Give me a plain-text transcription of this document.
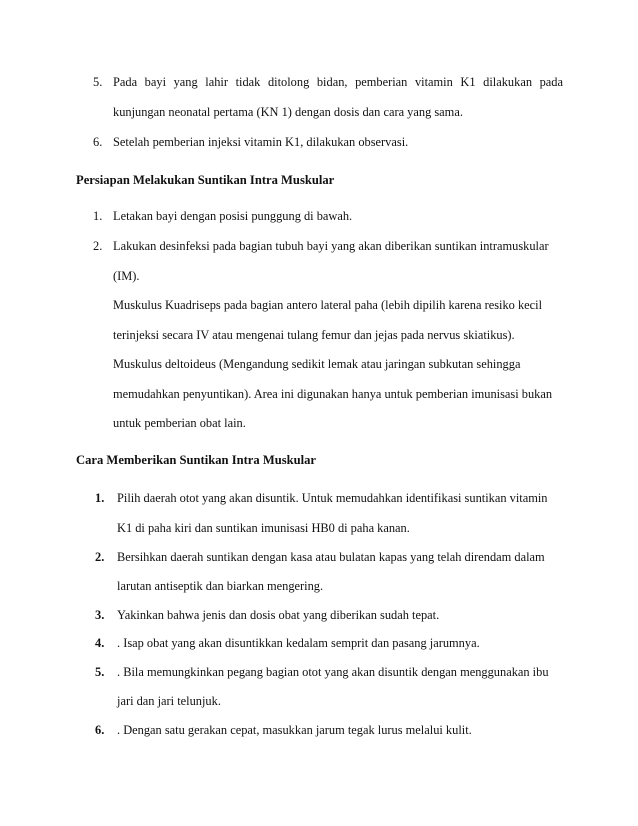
5. Pada bayi yang lahir tidak ditolong bidan, pemberian vitamin K1 dilakukan pada
kunjungan neonatal pertama (KN 1) dengan dosis dan cara yang sama.
6. Setelah pemberian injeksi vitamin K1, dilakukan observasi.
Persiapan Melakukan Suntikan Intra Muskular
1. Letakan bayi dengan posisi punggung di bawah.
2. Lakukan desinfeksi pada bagian tubuh bayi yang akan diberikan suntikan intramuskular
(IM).
Muskulus Kuadriseps pada bagian antero lateral paha (lebih dipilih karena resiko kecil
terinjeksi secara IV atau mengenai tulang femur dan jejas pada nervus skiatikus).
Muskulus deltoideus (Mengandung sedikit lemak atau jaringan subkutan sehingga
memudahkan penyuntikan). Area ini digunakan hanya untuk pemberian imunisasi bukan
untuk pemberian obat lain.
Cara Memberikan Suntikan Intra Muskular
1. Pilih daerah otot yang akan disuntik. Untuk memudahkan identifikasi suntikan vitamin
K1 di paha kiri dan suntikan imunisasi HB0 di paha kanan.
2. Bersihkan daerah suntikan dengan kasa atau bulatan kapas yang telah direndam dalam
larutan antiseptik dan biarkan mengering.
3. Yakinkan bahwa jenis dan dosis obat yang diberikan sudah tepat.
4. . Isap obat yang akan disuntikkan kedalam semprit dan pasang jarumnya.
5. . Bila memungkinkan pegang bagian otot yang akan disuntik dengan menggunakan ibu
jari dan jari telunjuk.
6. . Dengan satu gerakan cepat, masukkan jarum tegak lurus melalui kulit.
